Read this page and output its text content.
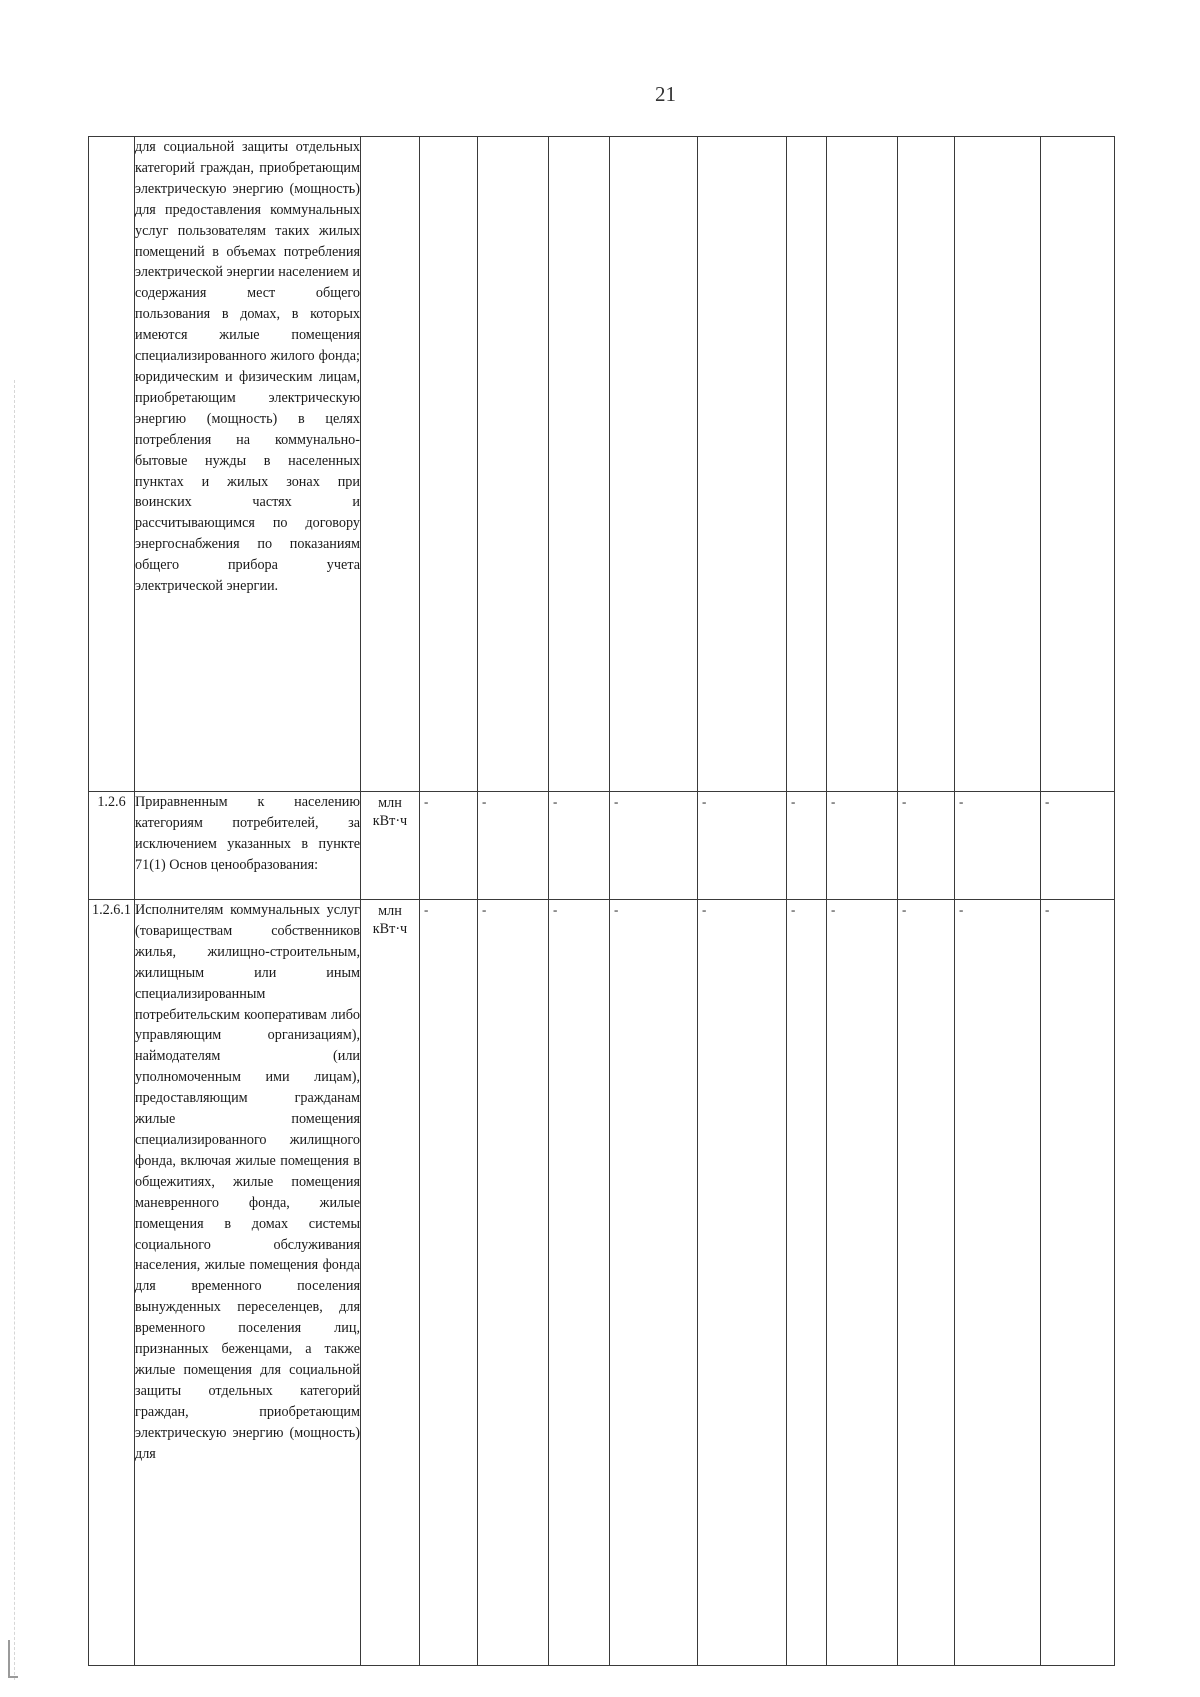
21
	для социальной защиты отдельных категорий граждан, приобретающим электрическую энергию (мощность) для предоставления коммунальных услуг пользователям таких жилых помещений в объемах потребления электрической энергии населением и содержания мест общего пользования в домах, в которых имеются жилые помещения специализированного жилого фонда; юридическим и физическим лицам, приобретающим электрическую энергию (мощность) в целях потребления на коммунально-бытовые нужды в населенных пунктах и жилых зонах при воинских частях и рассчитывающимся по договору энергоснабжения по показаниям общего прибора учета электрической энергии.											
1.2.6	Приравненным к населению категориям потребителей, за исключением указанных в пункте 71(1) Основ ценообразования:	млн кВт·ч	-	-	-	-	-	-	-	-	-	-
1.2.6.1	Исполнителям коммунальных услуг (товариществам собственников жилья, жилищно-строительным, жилищным или иным специализированным потребительским кооперативам либо управляющим организациям), наймодателям (или уполномоченным ими лицам), предоставляющим гражданам жилые помещения специализированного жилищного фонда, включая жилые помещения в общежитиях, жилые помещения маневренного фонда, жилые помещения в домах системы социального обслуживания населения, жилые помещения фонда для временного поселения вынужденных переселенцев, для временного поселения лиц, признанных беженцами, а также жилые помещения для социальной защиты отдельных категорий граждан, приобретающим электрическую энергию (мощность) для	млн кВт·ч	-	-	-	-	-	-	-	-	-	-
